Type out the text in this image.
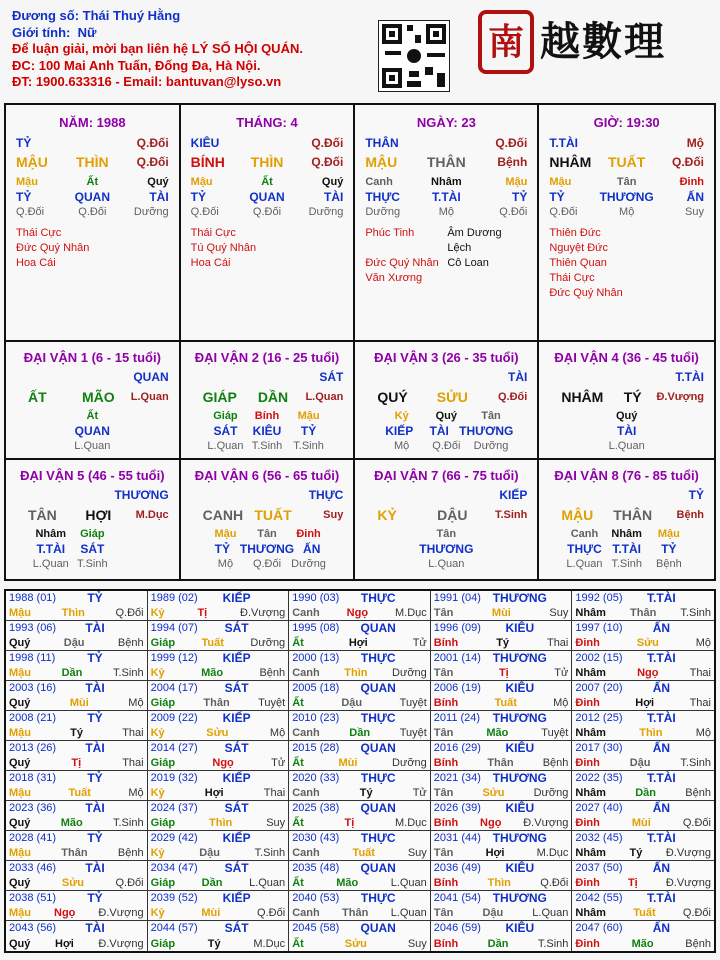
Đương số: Thái Thuý Hằng
Giới tính: Nữ
Để luận giải, mời bạn liên hệ LÝ SỐ HỘI QUÁN.
ĐC: 100 Mai Anh Tuấn, Đống Đa, Hà Nội.
ĐT: 1900.633316 - Email: bantuvan@lyso.vn
南 越數理
NĂM: 1988
TỶ	Q.Đối
MẬU	THÌN	Q.Đối
Mậu	Ất	Quý
TỶ	QUAN	TÀI
Q.Đối	Q.Đối	Dưỡng
Thái Cực
Đức Quý Nhân
Hoa Cái
THÁNG: 4
KIÊU	Q.Đối
BÍNH	THÌN	Q.Đối
Mậu	Ất	Quý
TỶ	QUAN	TÀI
Q.Đối	Q.Đối	Dưỡng
Thái Cực
Tú Quý Nhân
Hoa Cái
NGÀY: 23
THÂN	Q.Đối
MẬU	THÂN	Bệnh
Canh	Nhâm	Mậu
THỰC	T.TÀI	TỶ
Dưỡng	Mộ	Q.Đối
Phúc Tinh	Âm Dương Lệch
Đức Quý Nhân Cô Loan
Văn Xương
GIỜ: 19:30
T.TÀI	Mộ
NHÂM	TUẤT	Q.Đối
Mậu	Tân	Đinh
TỶ	THƯƠNG	ẤN
Q.Đối	Mộ	Suy
Thiên Đức
Nguyệt Đức
Thiên Quan
Thái Cực
Đức Quý Nhân
ĐẠI VẬN 1 (6 - 15 tuổi)
QUAN
ẤT	MÃO	L.Quan
Ất
QUAN
L.Quan
ĐẠI VẬN 2 (16 - 25 tuổi)
SÁT
GIÁP	DẦN	L.Quan
Giáp	Bính	Mậu
SÁT	KIÊU	TỶ
L.Quan T.Sinh T.Sinh
ĐẠI VẬN 3 (26 - 35 tuổi)
TÀI
QUÝ	SỬU	Q.Đối
Kỷ	Quý	Tân
KIẾP	TÀI THƯƠNG
Mộ	Q.Đối	Dưỡng
ĐẠI VẬN 4 (36 - 45 tuổi)
T.TÀI
NHÂM	TÝ	Đ.Vượng
Quý
TÀI
L.Quan
ĐẠI VẬN 5 (46 - 55 tuổi)
THƯƠNG
TÂN	HỢI	M.Dục
Nhâm	Giáp
T.TÀI	SÁT
L.Quan T.Sinh
ĐẠI VẬN 6 (56 - 65 tuổi)
THỰC
CANH TUẤT	Suy
Mậu	Tân	Đinh
TỶ THƯƠNG ẤN
Mộ	Q.Đối Dưỡng
ĐẠI VẬN 7 (66 - 75 tuổi)
KIẾP
KỶ	DẬU	T.Sinh
Tân
THƯƠNG
L.Quan
ĐẠI VẬN 8 (76 - 85 tuổi)
TỶ
MẬU	THÂN	Bệnh
Canh	Nhâm	Mậu
THỰC T.TÀI	TỶ
L.Quan T.Sinh	Bệnh
1988 (01)	TỶ
Mậu	Thìn	Q.Đối
1989 (02)	KIẾP
Kỷ	Tị	Đ.Vượng
1990 (03)	THỰC
Canh Ngọ M.Dục
1991 (04) THƯƠNG
Tân	Mùi	Suy
1992 (05)	T.TÀI
Nhâm Thân T.Sinh
1993 (06)	TÀI
Quý	Dậu	Bệnh
1994 (07)	SÁT
Giáp Tuất Dưỡng
1995 (08)	QUAN
Ất	Hợi	Tử
1996 (09)	KIÊU
Bính	Tý	Thai
1997 (10)	ẤN
Đinh	Sửu	Mộ
1998 (11)	TỶ
Mậu	Dần	T.Sinh
1999 (12)	KIẾP
Kỷ	Mão	Bệnh
2000 (13)	THỰC
Canh Thìn Dưỡng
2001 (14) THƯƠNG
Tân	Tị	Tử
2002 (15)	T.TÀI
Nhâm	Ngọ	Thai
2003 (16)	TÀI
Quý	Mùi	Mộ
2004 (17)	SÁT
Giáp	Thân	Tuyệt
2005 (18)	QUAN
Ất	Dậu	Tuyệt
2006 (19)	KIÊU
Bính	Tuất	Mộ
2007 (20)	ẤN
Đinh	Hợi	Thai
2008 (21)	TỶ
Mậu	Tý	Thai
2009 (22)	KIẾP
Kỷ	Sửu	Mộ
2010 (23)	THỰC
Canh	Dần	Tuyệt
2011 (24)	THƯƠNG
Tân	Mão	Tuyệt
2012 (25)	T.TÀI
Nhâm	Thìn	Mộ
2013 (26)	TÀI
Quý	Tị	Thai
2014 (27)	SÁT
Giáp	Ngọ	Tử
2015 (28)	QUAN
Ất	Mùi	Dưỡng
2016 (29)	KIÊU
Bính	Thân	Bệnh
2017 (30)	ẤN
Đinh	Dậu	T.Sinh
2018 (31)	TỶ
Mậu	Tuất	Mộ
2019 (32)	KIẾP
Kỷ	Hợi	Thai
2020 (33)	THỰC
Canh	Tý	Tử
2021 (34) THƯƠNG
Tân	Sửu	Dưỡng
2022 (35)	T.TÀI
Nhâm	Dần	Bệnh
2023 (36)	TÀI
Quý	Mão	T.Sinh
2024 (37)	SÁT
Giáp	Thìn	Suy
2025 (38)	QUAN
Ất	Tị	M.Dục
2026 (39)	KIÊU
Bính Ngọ Đ.Vượng
2027 (40)	ẤN
Đinh	Mùi	Q.Đối
2028 (41)	TỶ
Mậu	Thân	Bệnh
2029 (42)	KIẾP
Kỷ	Dậu	T.Sinh
2030 (43)	THỰC
Canh	Tuất	Suy
2031 (44) THƯƠNG
Tân	Hợi	M.Dục
2032 (45)	T.TÀI
Nhâm Tý Đ.Vượng
2033 (46)	TÀI
Quý	Sửu	Q.Đối
2034 (47)	SÁT
Giáp Dần L.Quan
2035 (48)	QUAN
Ất	Mão	L.Quan
2036 (49)	KIÊU
Bính	Thìn	Q.Đối
2037 (50)	ẤN
Đinh	Tị	Đ.Vượng
2038 (51)	TỶ
Mậu Ngọ Đ.Vượng
2039 (52)	KIẾP
Kỷ	Mùi	Q.Đối
2040 (53)	THỰC
Canh Thân L.Quan
2041 (54) THƯƠNG
Tân	Dậu	L.Quan
2042 (55)	T.TÀI
Nhâm Tuất Q.Đối
2043 (56)	TÀI
Quý Hợi Đ.Vượng
2044 (57)	SÁT
Giáp	Tý	M.Dục
2045 (58)	QUAN
Ất	Sửu	Suy
2046 (59)	KIÊU
Bính	Dần	T.Sinh
2047 (60)	ẤN
Đinh	Mão	Bệnh
